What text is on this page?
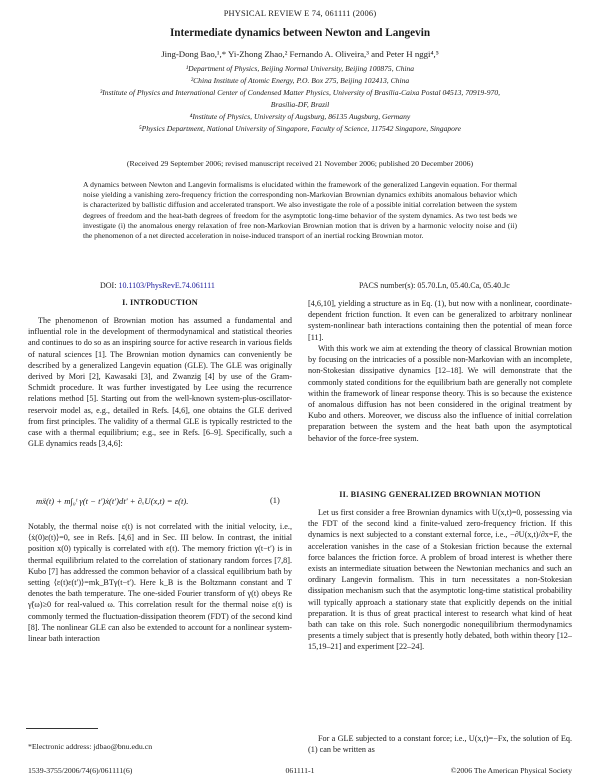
PHYSICAL REVIEW E 74, 061111 (2006)
Intermediate dynamics between Newton and Langevin
Jing-Dong Bao,¹,* Yi-Zhong Zhao,² Fernando A. Oliveira,³ and Peter H nggi⁴,⁵
¹Department of Physics, Beijing Normal University, Beijing 100875, China
²China Institute of Atomic Energy, P.O. Box 275, Beijing 102413, China
³Institute of Physics and International Center of Condensed Matter Physics, University of Brasília-Caixa Postal 04513, 70919-970,
Brasília-DF, Brazil
⁴Institute of Physics, University of Augsburg, 86135 Augsburg, Germany
⁵Physics Department, National University of Singapore, Faculty of Science, 117542 Singapore, Singapore
(Received 29 September 2006; revised manuscript received 21 November 2006; published 20 December 2006)
A dynamics between Newton and Langevin formalisms is elucidated within the framework of the generalized Langevin equation. For thermal noise yielding a vanishing zero-frequency friction the corresponding non-Markovian Brownian dynamics exhibits anomalous behavior which is characterized by ballistic diffusion and accelerated transport. We also investigate the role of a possible initial correlation between the system degrees of freedom and the heat-bath degrees of freedom for the asymptotic long-time behavior of the system dynamics. As two test beds we investigate (i) the anomalous energy relaxation of free non-Markovian Brownian motion that is driven by a harmonic velocity noise and (ii) the phenomenon of a net directed acceleration in noise-induced transport of an inertial rocking Brownian motor.
DOI: 10.1103/PhysRevE.74.061111	PACS number(s): 05.70.Ln, 05.40.Ca, 05.40.Jc
I. INTRODUCTION
The phenomenon of Brownian motion has assumed a fundamental and influential role in the development of thermodynamical and statistical theories and continues to do so as an inspiring source for active research in various fields of natural sciences [1]. The Brownian motion dynamics can conveniently be described by a generalized Langevin equation (GLE). The GLE was originally derived by Mori [2], Kawasaki [3], and Zwanzig [4] by use of the Gram-Schmidt procedure. It was further investigated by Lee using the recurrence relations method [5]. Starting out from the well-known system-plus-oscillator-reservoir model as, e.g., detailed in Refs. [4,6], one obtains the GLE derived from first principles. The validity of a thermal GLE is typically restricted to the case with a thermal equilibrium; e.g., see in Refs. [6–9]. Specifically, such a GLE dynamics reads [3,4,6]:
mẍ(t) + m∫₀ᵗ γ(t − t′)ẋ(t′)dt′ + ∂ₓU(x,t) = ε(t).	(1)
Notably, the thermal noise ε(t) is not correlated with the initial velocity, i.e., ⟨ẋ(0)ε(t)⟩=0, see in Refs. [4,6] and in Sec. III below. In contrast, the initial position x(0) typically is correlated with ε(t). The memory friction γ(t−t′) is in thermal equilibrium related to the correlation of stationary random forces [7,8]. Kubo [7] has addressed the common behavior of a classical equilibrium bath by setting ⟨ε(t)ε(t′)⟩=mk_BTγ(t−t′). Here k_B is the Boltzmann constant and T denotes the bath temperature. The one-sided Fourier transform of γ(t) obeys Re γ̃(ω)≥0 for real-valued ω. This correlation result for the thermal noise ε(t) is commonly termed the fluctuation-dissipation theorem (FDT) of the second kind [8]. The nonlinear GLE can also be extended to account for a nonlinear system-linear bath interaction
*Electronic address: jdbao@bnu.edu.cn
[4,6,10], yielding a structure as in Eq. (1), but now with a nonlinear, coordinate-dependent friction function. It even can be generalized to arbitrary nonlinear system-nonlinear bath interactions containing then the potential of mean force [11].
With this work we aim at extending the theory of classical Brownian motion by focusing on the intricacies of a possible non-Markovian with an incomplete, non-Stokesian dissipative dynamics [12–18]. We will demonstrate that the commonly stated conditions for the equilibrium bath are generally not complete within the framework of linear response theory. This is so because the existence of anomalous diffusion has not been considered in the original treatment by Kubo and others. Moreover, we discuss also the influence of initial correlation preparation between the system and the heat bath upon the asymptotical behavior of the force-free system.
II. BIASING GENERALIZED BROWNIAN MOTION
Let us first consider a free Brownian dynamics with U(x,t)=0, possessing via the FDT of the second kind a finite-valued zero-frequency friction. If this dynamics is next subjected to a constant external force, i.e., −∂U(x,t)/∂x=F, the acceleration vanishes in the case of a Stokesian friction because the external force balances the friction force. A problem of broad interest is whether there exists an intermediate situation between the Newtonian mechanics and such an ordinary Langevin formalism. This in turn necessitates a non-Stokesian dissipation mechanism such that the asymptotic long-time statistical probability will typically approach a stationary state that explicitly depends on the initial preparation. It is thus of great practical interest to research what kind of heat bath can take on this role. Such nonergodic nonequilibrium thermodynamics presents a timely subject that is presently hotly debated, both within theory [12–15,19–21] and experiment [22–24].
For a GLE subjected to a constant force; i.e., U(x,t)=−Fx, the solution of Eq. (1) can be written as
1539-3755/2006/74(6)/061111(6)	061111-1	©2006 The American Physical Society
